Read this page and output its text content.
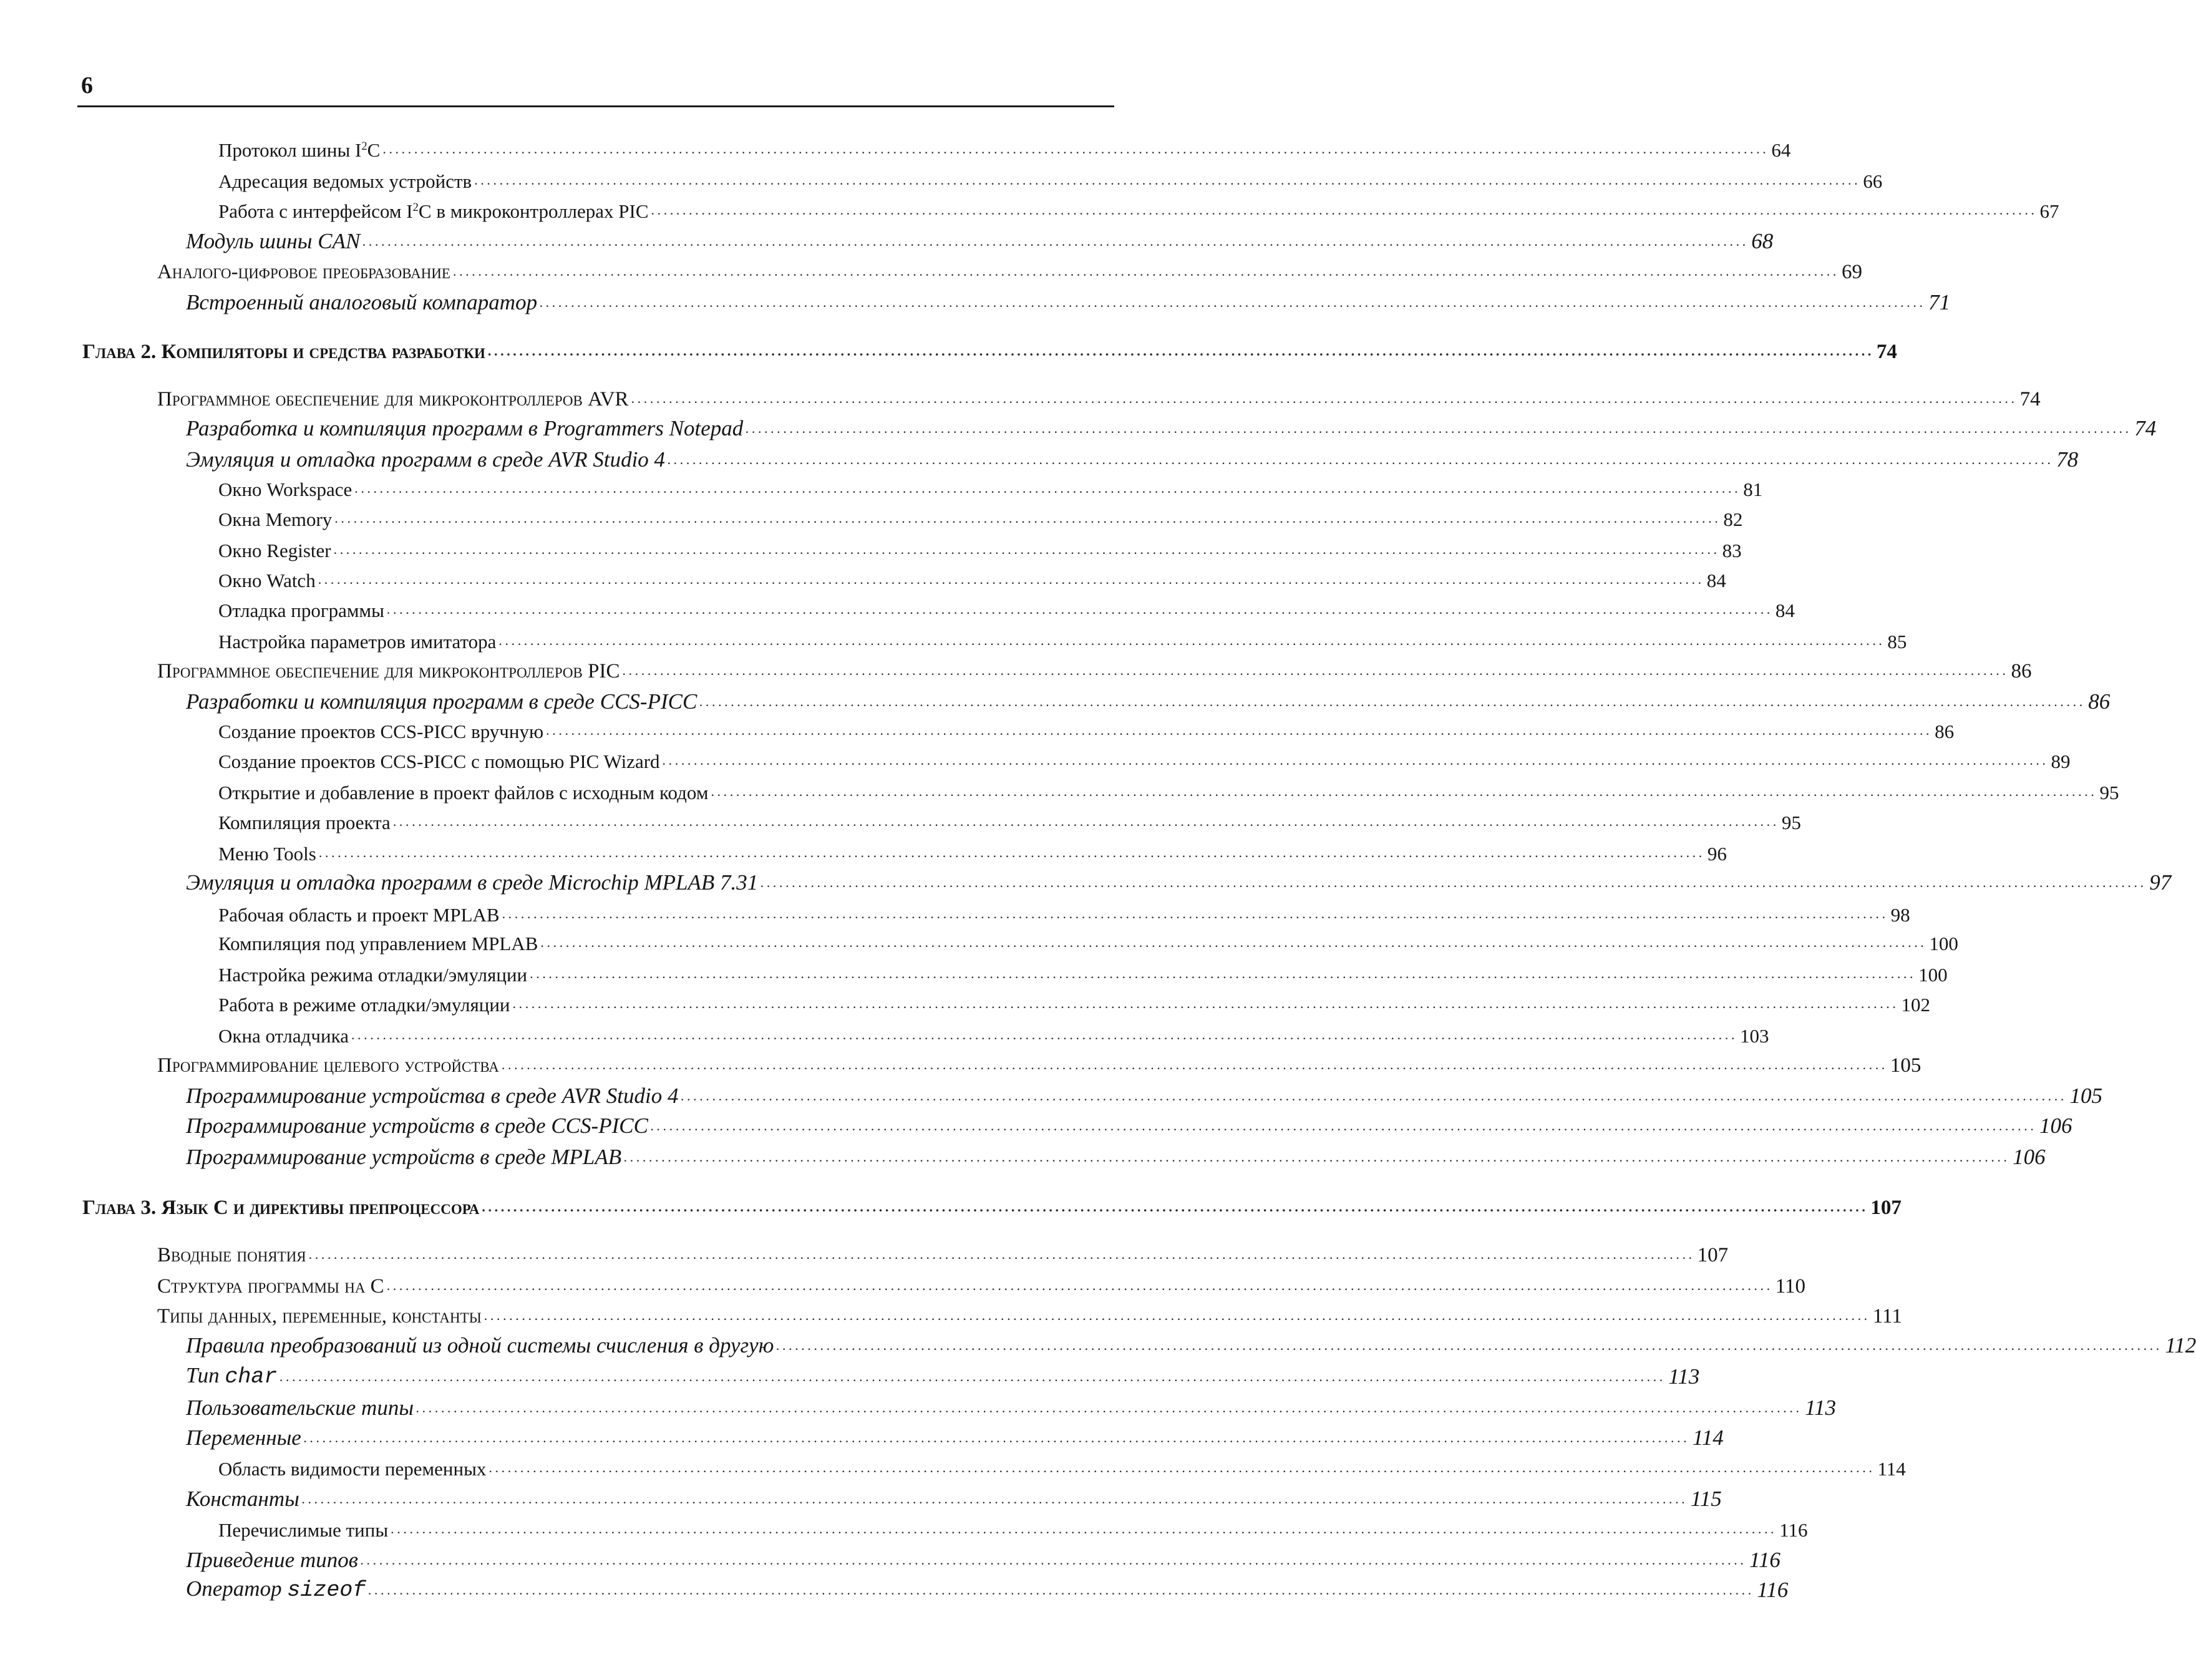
6
Протокол шины $I^2C$ ............................................................................................................................................................................................................................ 64
Адресация ведомых устройств ............................................................................................................................................................................................................................ 66
Работа с интерфейсом $I^2C$ в микроконтроллерах PIC ............................................................................................................................................................................................................................ 67
Модуль шины CAN ............................................................................................................................................................................................................................ 68
Аналого-цифровое преобразование ............................................................................................................................................................................................................................ 69
Встроенный аналоговый компаратор ............................................................................................................................................................................................................................ 71
Глава 2. Компиляторы и средства разработки ............................................................................................................................................................................................................................ 74
Программное обеспечение для микроконтроллеров AVR ............................................................................................................................................................................................................................ 74
Разработка и компиляция программ в Programmers Notepad ............................................................................................................................................................................................................................ 74
Эмуляция и отладка программ в среде AVR Studio 4 ............................................................................................................................................................................................................................ 78
Окно Workspace ............................................................................................................................................................................................................................ 81
Окна Memory ............................................................................................................................................................................................................................ 82
Окно Register ............................................................................................................................................................................................................................ 83
Окно Watch ............................................................................................................................................................................................................................ 84
Отладка программы ............................................................................................................................................................................................................................ 84
Настройка параметров имитатора ............................................................................................................................................................................................................................ 85
Программное обеспечение для микроконтроллеров PIC ............................................................................................................................................................................................................................ 86
Разработки и компиляция программ в среде CCS-PICC ............................................................................................................................................................................................................................ 86
Создание проектов CCS-PICC вручную ............................................................................................................................................................................................................................ 86
Создание проектов CCS-PICC с помощью PIC Wizard ............................................................................................................................................................................................................................ 89
Открытие и добавление в проект файлов с исходным кодом ............................................................................................................................................................................................................................ 95
Компиляция проекта ............................................................................................................................................................................................................................ 95
Меню Tools ............................................................................................................................................................................................................................ 96
Эмуляция и отладка программ в среде Microchip MPLAB 7.31 ............................................................................................................................................................................................................................ 97
Рабочая область и проект MPLAB ............................................................................................................................................................................................................................ 98
Компиляция под управлением MPLAB ............................................................................................................................................................................................................................ 100
Настройка режима отладки/эмуляции ............................................................................................................................................................................................................................ 100
Работа в режиме отладки/эмуляции ............................................................................................................................................................................................................................ 102
Окна отладчика ............................................................................................................................................................................................................................ 103
Программирование целевого устройства ............................................................................................................................................................................................................................ 105
Программирование устройства в среде AVR Studio 4 ............................................................................................................................................................................................................................ 105
Программирование устройств в среде CCS-PICC ............................................................................................................................................................................................................................ 106
Программирование устройств в среде MPLAB ............................................................................................................................................................................................................................ 106
Глава 3. Язык C и директивы препроцессора ............................................................................................................................................................................................................................ 107
Вводные понятия ............................................................................................................................................................................................................................ 107
Структура программы на C ............................................................................................................................................................................................................................ 110
Типы данных, переменные, константы ............................................................................................................................................................................................................................ 111
Правила преобразований из одной системы счисления в другую ............................................................................................................................................................................................................................ 112
Тип char ............................................................................................................................................................................................................................ 113
Пользовательские типы ............................................................................................................................................................................................................................ 113
Переменные ............................................................................................................................................................................................................................ 114
Область видимости переменных ............................................................................................................................................................................................................................ 114
Константы ............................................................................................................................................................................................................................ 115
Перечислимые типы ............................................................................................................................................................................................................................ 116
Приведение типов ............................................................................................................................................................................................................................ 116
Оператор sizeof ............................................................................................................................................................................................................................ 116
